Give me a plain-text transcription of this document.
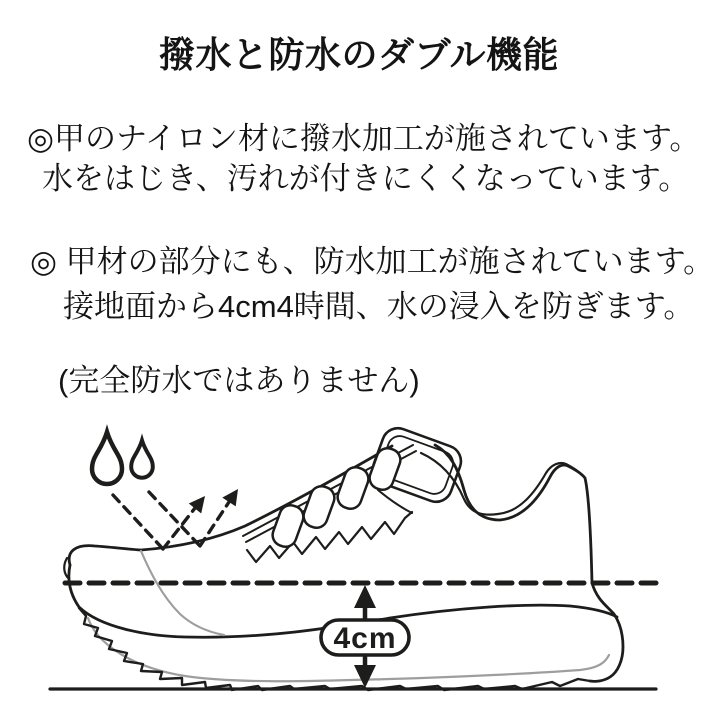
撥水と防水のダブル機能
◎甲のナイロン材に撥水加工が施されています。
水をはじき、汚れが付きにくくなっています。
◎ 甲材の部分にも、防水加工が施されています。
接地面から4cm4時間、水の浸入を防ぎます。
(完全防水ではありません)
4cm
